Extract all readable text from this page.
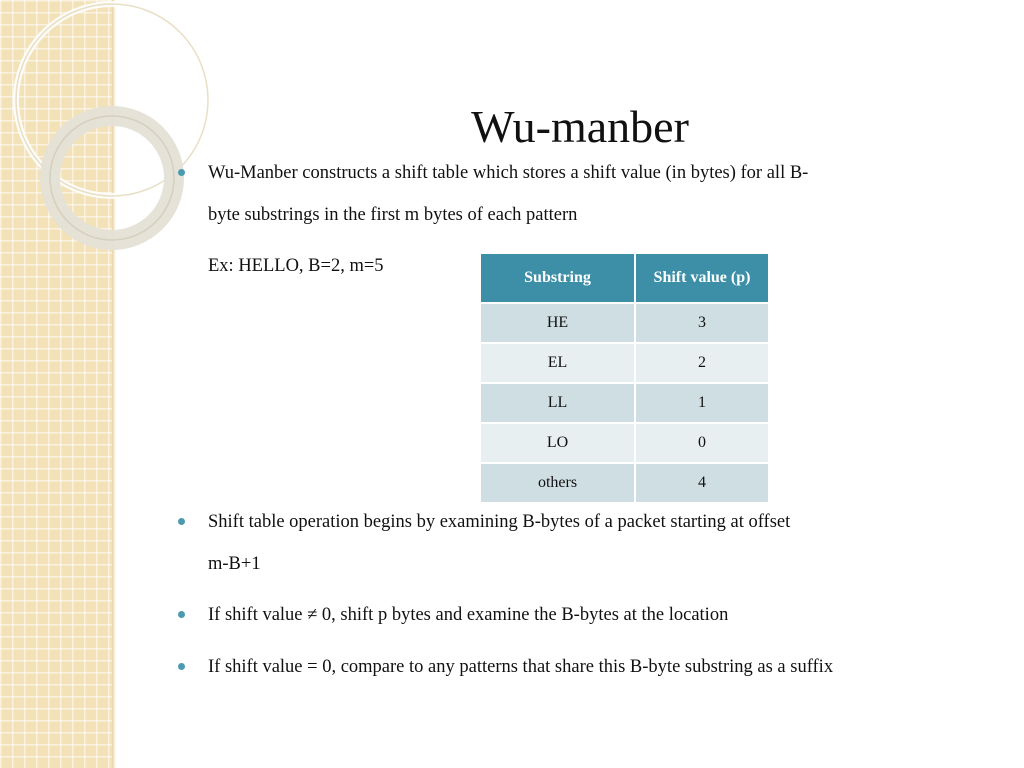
Wu-manber
Wu-Manber constructs a shift table which stores a shift value (in bytes) for all B-
byte substrings in the first m bytes of each pattern
Ex: HELLO, B=2, m=5
Substring	Shift value (p)
HE	3
EL	2
LL	1
LO	0
others	4
Shift table operation begins by examining B-bytes of a packet starting at offset
m-B+1
If shift value ≠ 0, shift p bytes and examine the B-bytes at the location
If shift value = 0, compare to any patterns that share this B-byte substring as a suffix
